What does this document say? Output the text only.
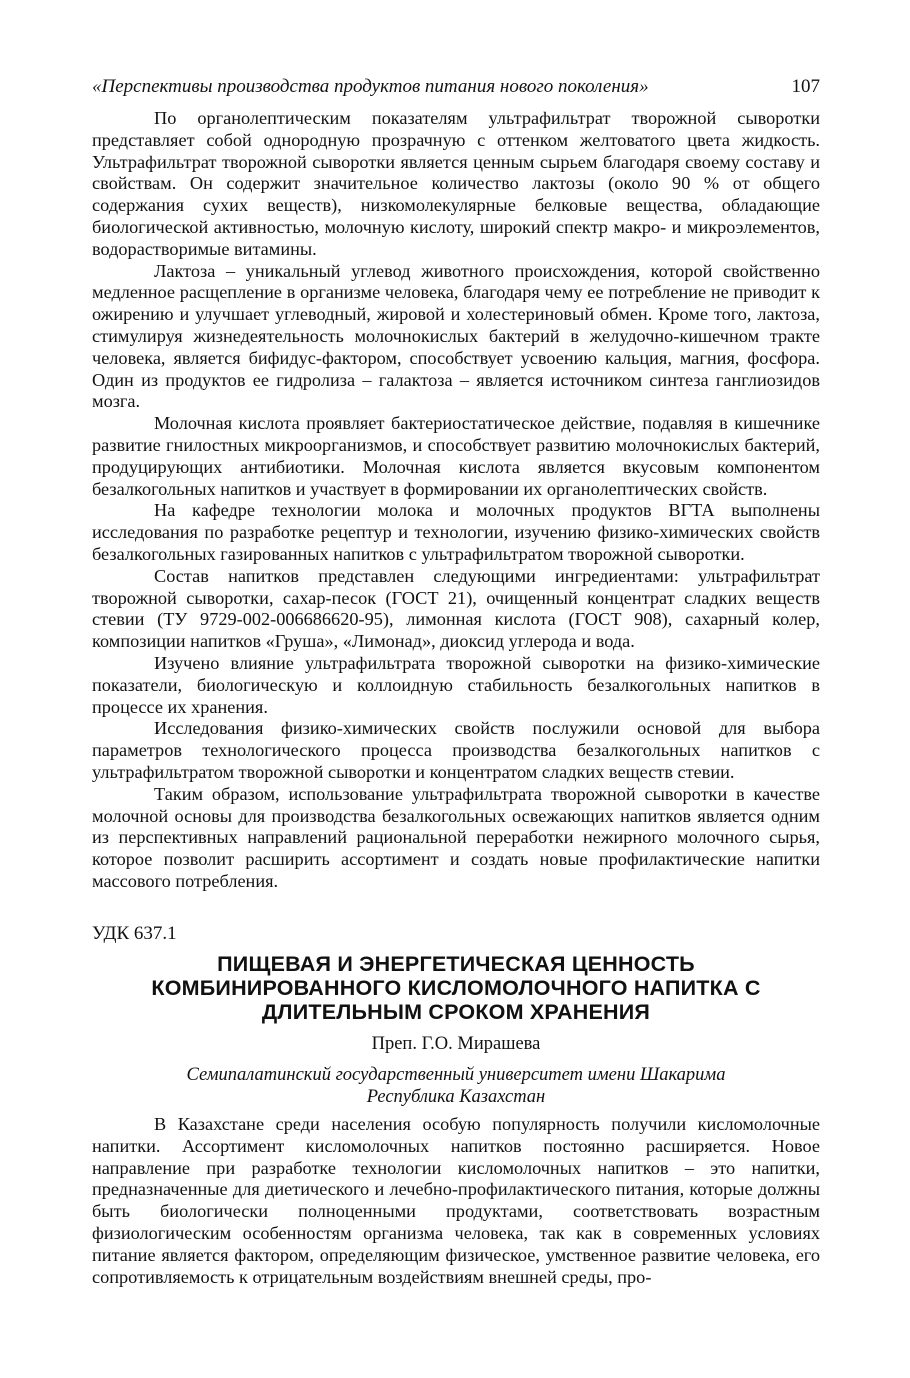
«Перспективы производства продуктов питания нового поколения»	107

По органолептическим показателям ультрафильтрат творожной сыворотки представляет собой однородную прозрачную с оттенком желтоватого цвета жидкость. Ультрафильтрат творожной сыворотки является ценным сырьем благодаря своему составу и свойствам. Он содержит значительное количество лактозы (около 90 % от общего содержания сухих веществ), низкомолекулярные белковые вещества, обладающие биологической активностью, молочную кислоту, широкий спектр макро- и микроэлементов, водорастворимые витамины.

Лактоза – уникальный углевод животного происхождения, которой свойственно медленное расщепление в организме человека, благодаря чему ее потребление не приводит к ожирению и улучшает углеводный, жировой и холестериновый обмен. Кроме того, лактоза, стимулируя жизнедеятельность молочнокислых бактерий в желудочно-кишечном тракте человека, является бифидус-фактором, способствует усвоению кальция, магния, фосфора. Один из продуктов ее гидролиза – галактоза – является источником синтеза ганглиозидов мозга.

Молочная кислота проявляет бактериостатическое действие, подавляя в кишечнике развитие гнилостных микроорганизмов, и способствует развитию молочнокислых бактерий, продуцирующих антибиотики. Молочная кислота является вкусовым компонентом безалкогольных напитков и участвует в формировании их органолептических свойств.

На кафедре технологии молока и молочных продуктов ВГТА выполнены исследования по разработке рецептур и технологии, изучению физико-химических свойств безалкогольных газированных напитков с ультрафильтратом творожной сыворотки.

Состав напитков представлен следующими ингредиентами: ультрафильтрат творожной сыворотки, сахар-песок (ГОСТ 21), очищенный концентрат сладких веществ стевии (ТУ 9729-002-006686620-95), лимонная кислота (ГОСТ 908), сахарный колер, композиции напитков «Груша», «Лимонад», диоксид углерода и вода.

Изучено влияние ультрафильтрата творожной сыворотки на физико-химические показатели, биологическую и коллоидную стабильность безалкогольных напитков в процессе их хранения.

Исследования физико-химических свойств послужили основой для выбора параметров технологического процесса производства безалкогольных напитков с ультрафильтратом творожной сыворотки и концентратом сладких веществ стевии.

Таким образом, использование ультрафильтрата творожной сыворотки в качестве молочной основы для производства безалкогольных освежающих напитков является одним из перспективных направлений рациональной переработки нежирного молочного сырья, которое позволит расширить ассортимент и создать новые профилактические напитки массового потребления.

УДК 637.1
ПИЩЕВАЯ И ЭНЕРГЕТИЧЕСКАЯ ЦЕННОСТЬ
КОМБИНИРОВАННОГО КИСЛОМОЛОЧНОГО НАПИТКА С
ДЛИТЕЛЬНЫМ СРОКОМ ХРАНЕНИЯ
Преп. Г.О. Мирашева
Семипалатинский государственный университет имени Шакарима
Республика Казахстан

В Казахстане среди населения особую популярность получили кисломолочные напитки. Ассортимент кисломолочных напитков постоянно расширяется. Новое направление при разработке технологии кисломолочных напитков – это напитки, предназначенные для диетического и лечебно-профилактического питания, которые должны быть биологически полноценными продуктами, соответствовать возрастным физиологическим особенностям организма человека, так как в современных условиях питание является фактором, определяющим физическое, умственное развитие человека, его сопротивляемость к отрицательным воздействиям внешней среды, про-
